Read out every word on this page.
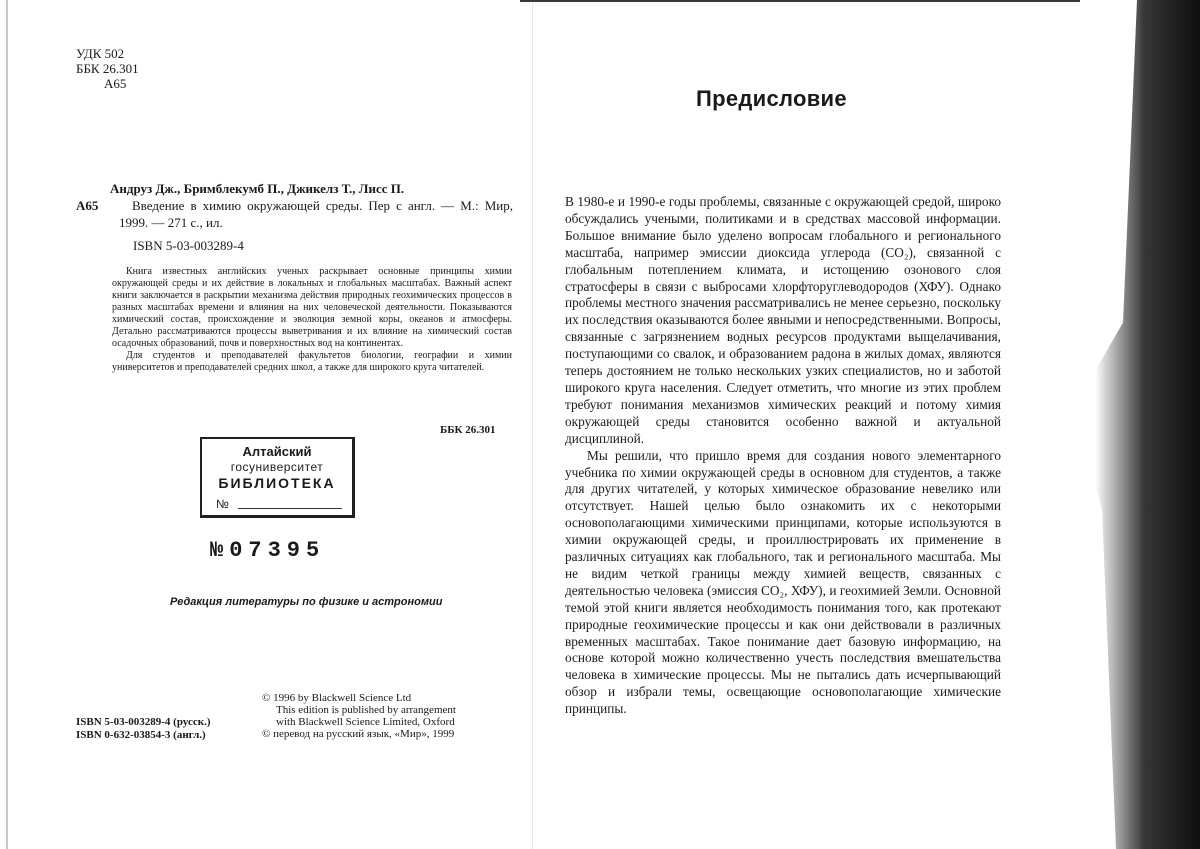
УДК 502
ББК 26.301
А65
Андруз Дж., Бримблекумб П., Джикелз Т., Лисс П.
А65	Введение в химию окружающей среды. Пер с англ. — М.: Мир, 1999. — 271 с., ил.
ISBN 5-03-003289-4

Книга известных английских ученых раскрывает основные принципы химии окружающей среды и их действие в локальных и глобальных масштабах. Важный аспект книги заключается в раскрытии механизма действия природных геохимических процессов в разных масштабах времени и влияния на них человеческой деятельности. Показываются химический состав, происхождение и эволюция земной коры, океанов и атмосферы. Детально рассматриваются процессы выветривания и их влияние на химический состав осадочных образований, почв и поверхностных вод на континентах.

Для студентов и преподавателей факультетов биологии, географии и химии университетов и преподавателей средних школ, а также для широкого круга читателей.

ББК 26.301
Алтайский
госуниверситет
БИБЛИОТЕКА
№
№07395
Редакция литературы по физике и астрономии
© 1996 by Blackwell Science Ltd
This edition is published by arrangement
with Blackwell Science Limited, Oxford
© перевод на русский язык, «Мир», 1999
ISBN 5-03-003289-4 (русск.)
ISBN 0-632-03854-3 (англ.)
Предисловие

В 1980-е и 1990-е годы проблемы, связанные с окружающей средой, широко обсуждались учеными, политиками и в средствах массовой информации. Большое внимание было уделено вопросам глобального и регионального масштаба, например эмиссии диоксида углерода (CO₂), связанной с глобальным потеплением климата, и истощению озонового слоя стратосферы в связи с выбросами хлорфторуглеводородов (ХФУ). Однако проблемы местного значения рассматривались не менее серьезно, поскольку их последствия оказываются более явными и непосредственными. Вопросы, связанные с загрязнением водных ресурсов продуктами выщелачивания, поступающими со свалок, и образованием радона в жилых домах, являются теперь достоянием не только нескольких узких специалистов, но и заботой широкого круга населения. Следует отметить, что многие из этих проблем требуют понимания механизмов химических реакций и потому химия окружающей среды становится особенно важной и актуальной дисциплиной.

Мы решили, что пришло время для создания нового элементарного учебника по химии окружающей среды в основном для студентов, а также для других читателей, у которых химическое образование невелико или отсутствует. Нашей целью было ознакомить их с некоторыми основополагающими химическими принципами, которые используются в химии окружающей среды, и проиллюстрировать их применение в различных ситуациях как глобального, так и регионального масштаба. Мы не видим четкой границы между химией веществ, связанных с деятельностью человека (эмиссия CO₂, ХФУ), и геохимией Земли. Основной темой этой книги является необходимость понимания того, как протекают природные геохимические процессы и как они действовали в различных временных масштабах. Такое понимание дает базовую информацию, на основе которой можно количественно учесть последствия вмешательства человека в химические процессы. Мы не пытались дать исчерпывающий обзор и избрали темы, освещающие основополагающие химические принципы.
